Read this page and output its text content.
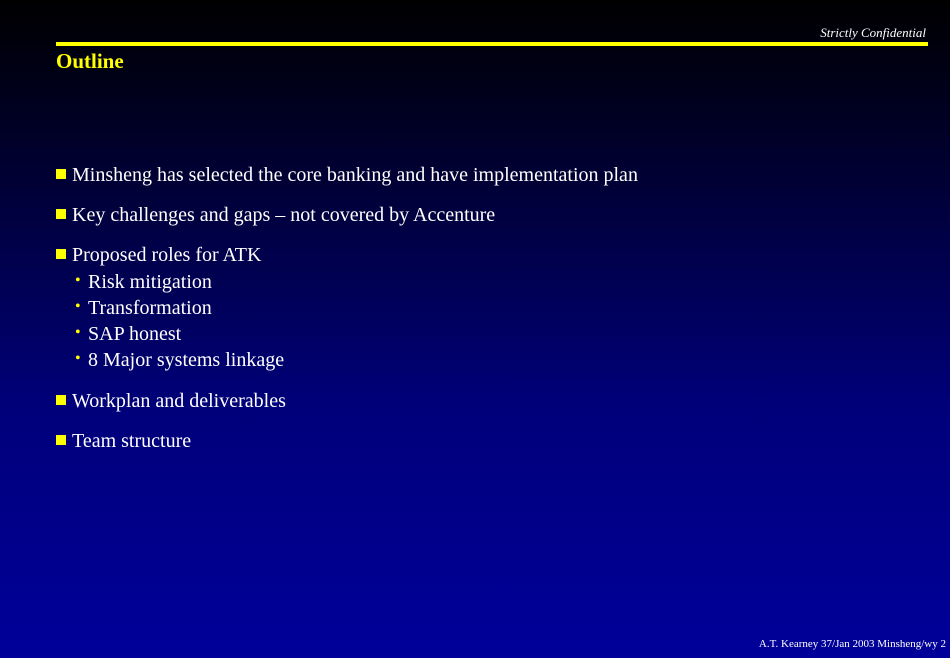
Strictly Confidential
Outline
Minsheng has selected the core banking and have implementation plan
Key challenges and gaps – not covered by Accenture
Proposed roles for ATK
• Risk mitigation
• Transformation
• SAP honest
• 8 Major systems linkage
Workplan and deliverables
Team structure
A.T. Kearney 37/Jan 2003 Minsheng/wy 2
